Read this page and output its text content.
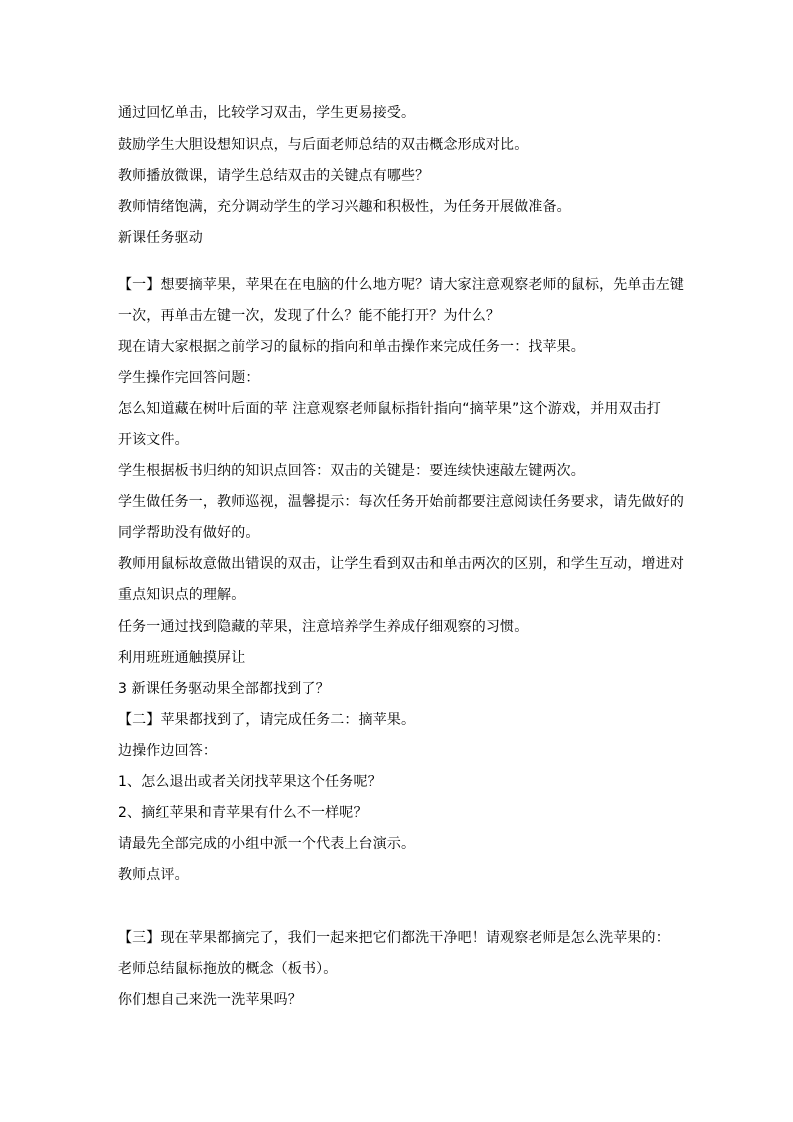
通过回忆单击，比较学习双击，学生更易接受。
鼓励学生大胆设想知识点，与后面老师总结的双击概念形成对比。
教师播放微课，请学生总结双击的关键点有哪些？
教师情绪饱满，充分调动学生的学习兴趣和积极性，为任务开展做准备。
新课任务驱动
【一】想要摘苹果，苹果在在电脑的什么地方呢？请大家注意观察老师的鼠标，先单击左键
一次，再单击左键一次，发现了什么？能不能打开？为什么？
现在请大家根据之前学习的鼠标的指向和单击操作来完成任务一：找苹果。
学生操作完回答问题：
怎么知道藏在树叶后面的苹 注意观察老师鼠标指针指向“摘苹果”这个游戏，并用双击打
开该文件。
学生根据板书归纳的知识点回答：双击的关键是：要连续快速敲左键两次。
学生做任务一，教师巡视，温馨提示：每次任务开始前都要注意阅读任务要求，请先做好的
同学帮助没有做好的。
教师用鼠标故意做出错误的双击，让学生看到双击和单击两次的区别，和学生互动，增进对
重点知识点的理解。
任务一通过找到隐藏的苹果，注意培养学生养成仔细观察的习惯。
利用班班通触摸屏让
3 新课任务驱动果全部都找到了？
【二】苹果都找到了，请完成任务二：摘苹果。
边操作边回答：
1、怎么退出或者关闭找苹果这个任务呢？
2、摘红苹果和青苹果有什么不一样呢？
请最先全部完成的小组中派一个代表上台演示。
教师点评。
【三】现在苹果都摘完了，我们一起来把它们都洗干净吧！请观察老师是怎么洗苹果的：
老师总结鼠标拖放的概念（板书）。
你们想自己来洗一洗苹果吗？
